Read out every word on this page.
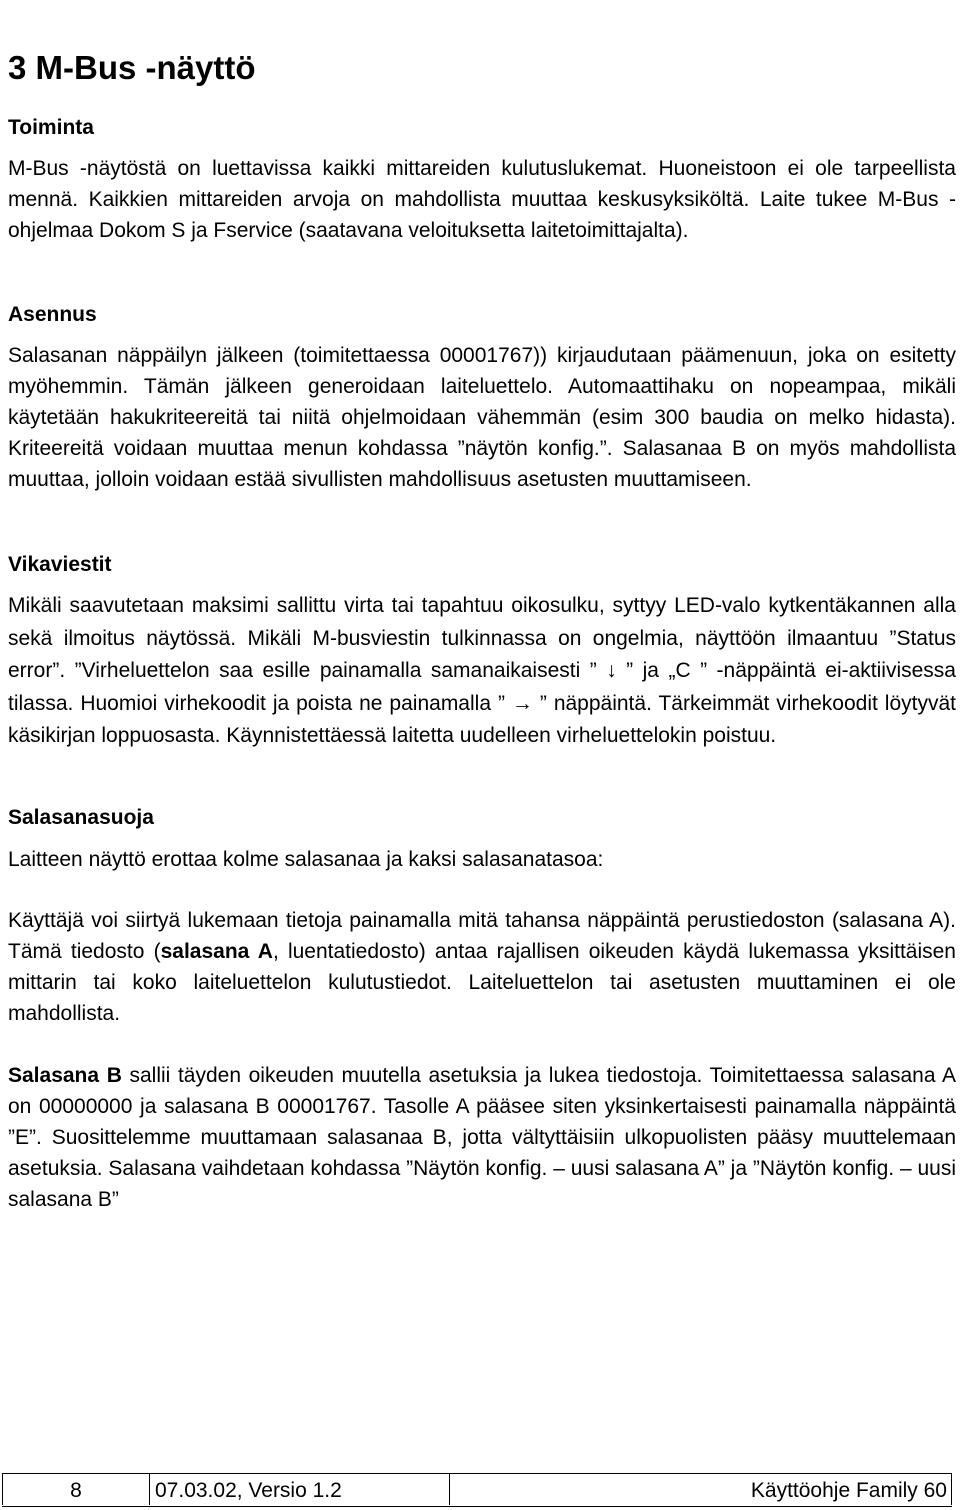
3 M-Bus -näyttö
Toiminta

M-Bus -näytöstä on luettavissa kaikki mittareiden kulutuslukemat. Huoneistoon ei ole tarpeellista mennä. Kaikkien mittareiden arvoja on mahdollista muuttaa keskusyksiköltä. Laite tukee M-Bus -ohjelmaa Dokom S ja Fservice (saatavana veloituksetta laitetoimittajalta).

Asennus

Salasanan näppäilyn jälkeen (toimitettaessa 00001767)) kirjaudutaan päämenuun, joka on esitetty myöhemmin. Tämän jälkeen generoidaan laiteluettelo. Automaattihaku on nopeampaa, mikäli käytetään hakukriteereitä tai niitä ohjelmoidaan vähemmän (esim 300 baudia on melko hidasta). Kriteereitä voidaan muuttaa menun kohdassa ”näytön konfig.”. Salasanaa B on myös mahdollista muuttaa, jolloin voidaan estää sivullisten mahdollisuus asetusten muuttamiseen.

Vikaviestit

Mikäli saavutetaan maksimi sallittu virta tai tapahtuu oikosulku, syttyy LED-valo kytkentäkannen alla sekä ilmoitus näytössä. Mikäli M-busviestin tulkinnassa on ongelmia, näyttöön ilmaantuu ”Status error”. ”Virheluettelon saa esille painamalla samanaikaisesti ” ↓ ” ja „C ” -näppäintä ei-aktiivisessa tilassa. Huomioi virhekoodit ja poista ne painamalla ” → ” näppäintä. Tärkeimmät virhekoodit löytyvät käsikirjan loppuosasta. Käynnistettäessä laitetta uudelleen virheluettelokin poistuu.

Salasanasuoja

Laitteen näyttö erottaa kolme salasanaa ja kaksi salasanatasoa:

Käyttäjä voi siirtyä lukemaan tietoja painamalla mitä tahansa näppäintä perustiedoston (salasana A). Tämä tiedosto (salasana A, luentatiedosto) antaa rajallisen oikeuden käydä lukemassa yksittäisen mittarin tai koko laiteluettelon kulutustiedot. Laiteluettelon tai asetusten muuttaminen ei ole mahdollista.

Salasana B sallii täyden oikeuden muutella asetuksia ja lukea tiedostoja. Toimitettaessa salasana A on 00000000 ja salasana B 00001767. Tasolle A pääsee siten yksinkertaisesti painamalla näppäintä ”E”. Suosittelemme muuttamaan salasanaa B, jotta vältyttäisiin ulkopuolisten pääsy muuttelemaan asetuksia. Salasana vaihdetaan kohdassa ”Näytön konfig. – uusi salasana A” ja ”Näytön konfig. – uusi salasana B”

8	07.03.02, Versio 1.2	Käyttöohje Family 60
